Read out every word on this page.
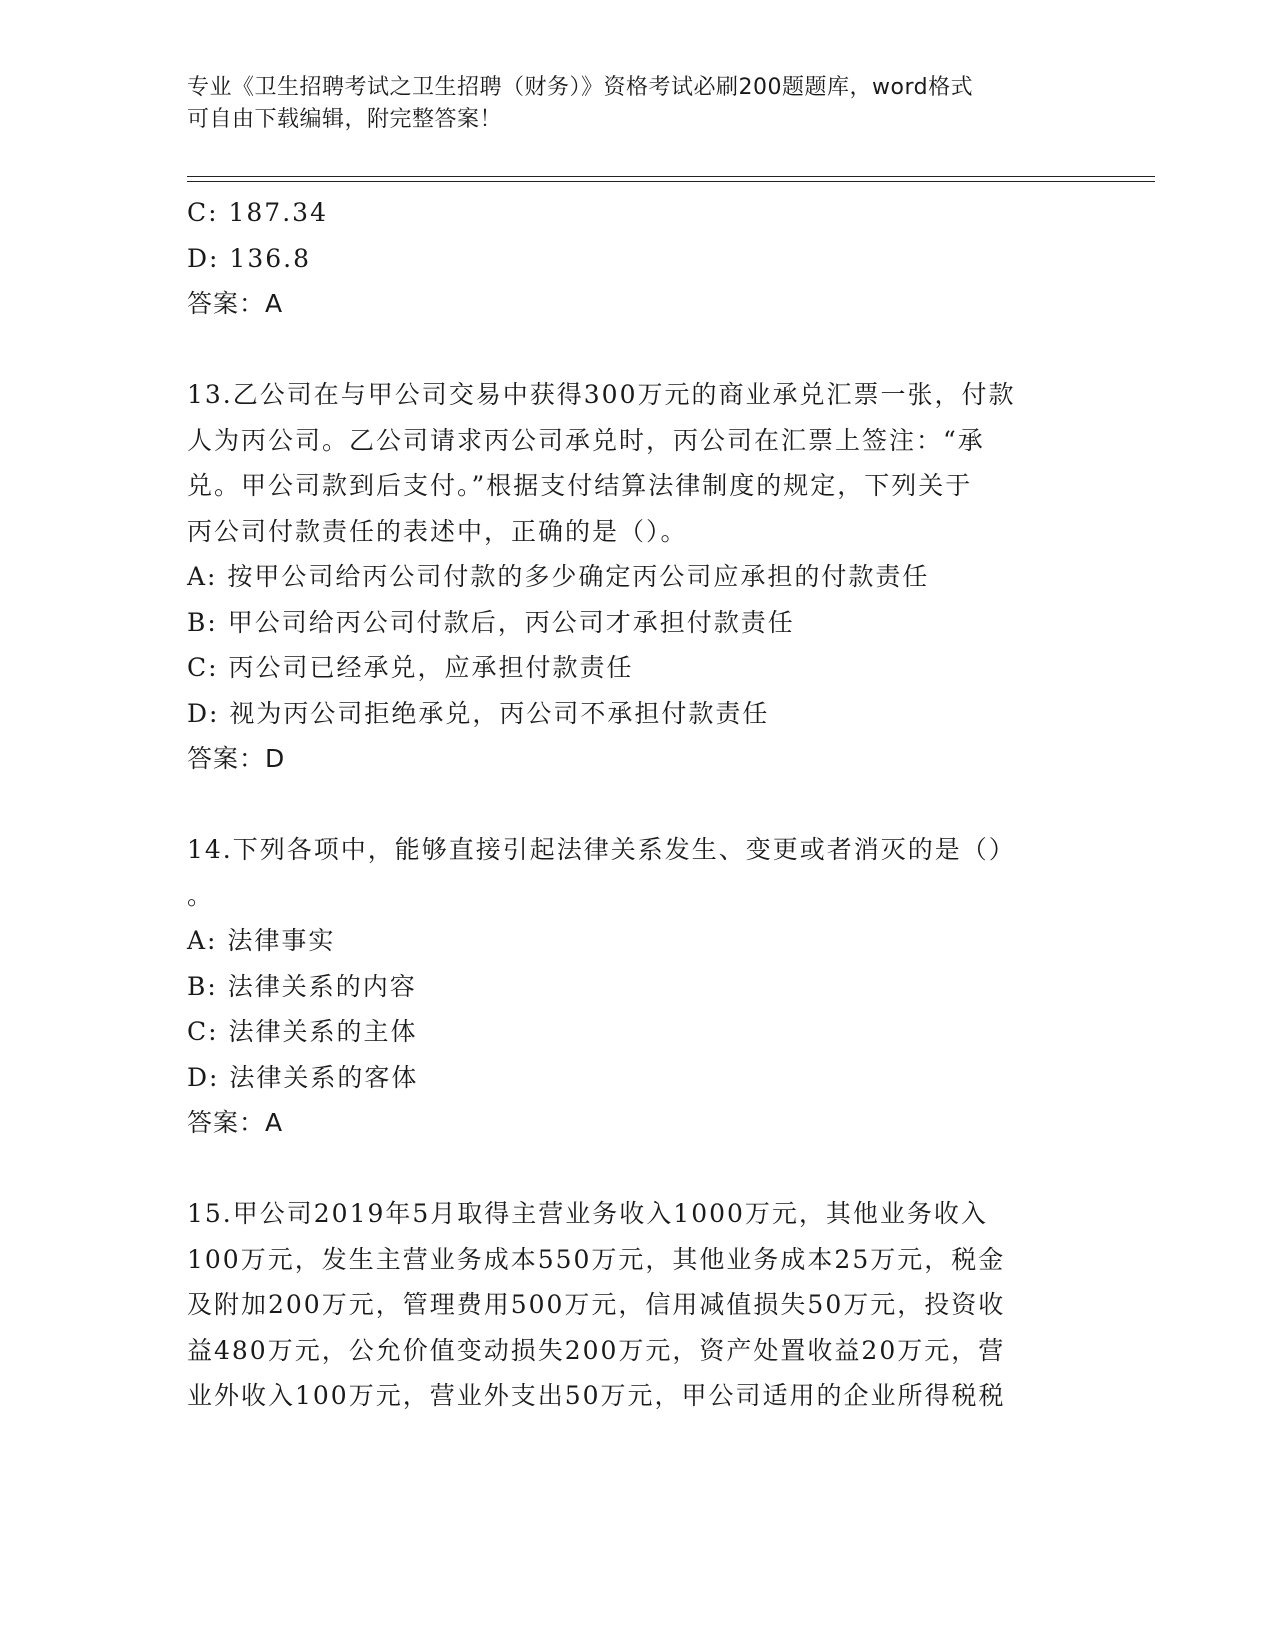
专业《卫生招聘考试之卫生招聘（财务）》资格考试必刷200题题库，word格式

可自由下载编辑，附完整答案！

C: 187.34
D: 136.8
答案：A
13.乙公司在与甲公司交易中获得300万元的商业承兑汇票一张，付款
人为丙公司。乙公司请求丙公司承兑时，丙公司在汇票上签注：“承
兑。甲公司款到后支付。”根据支付结算法律制度的规定，下列关于
丙公司付款责任的表述中，正确的是（）。
A: 按甲公司给丙公司付款的多少确定丙公司应承担的付款责任
B: 甲公司给丙公司付款后，丙公司才承担付款责任
C: 丙公司已经承兑，应承担付款责任
D: 视为丙公司拒绝承兑，丙公司不承担付款责任
答案：D
14.下列各项中，能够直接引起法律关系发生、变更或者消灭的是（）
。
A: 法律事实
B: 法律关系的内容
C: 法律关系的主体
D: 法律关系的客体
答案：A
15.甲公司2019年5月取得主营业务收入1000万元，其他业务收入
100万元，发生主营业务成本550万元，其他业务成本25万元，税金
及附加200万元，管理费用500万元，信用减值损失50万元，投资收
益480万元，公允价值变动损失200万元，资产处置收益20万元，营
业外收入100万元，营业外支出50万元，甲公司适用的企业所得税税
